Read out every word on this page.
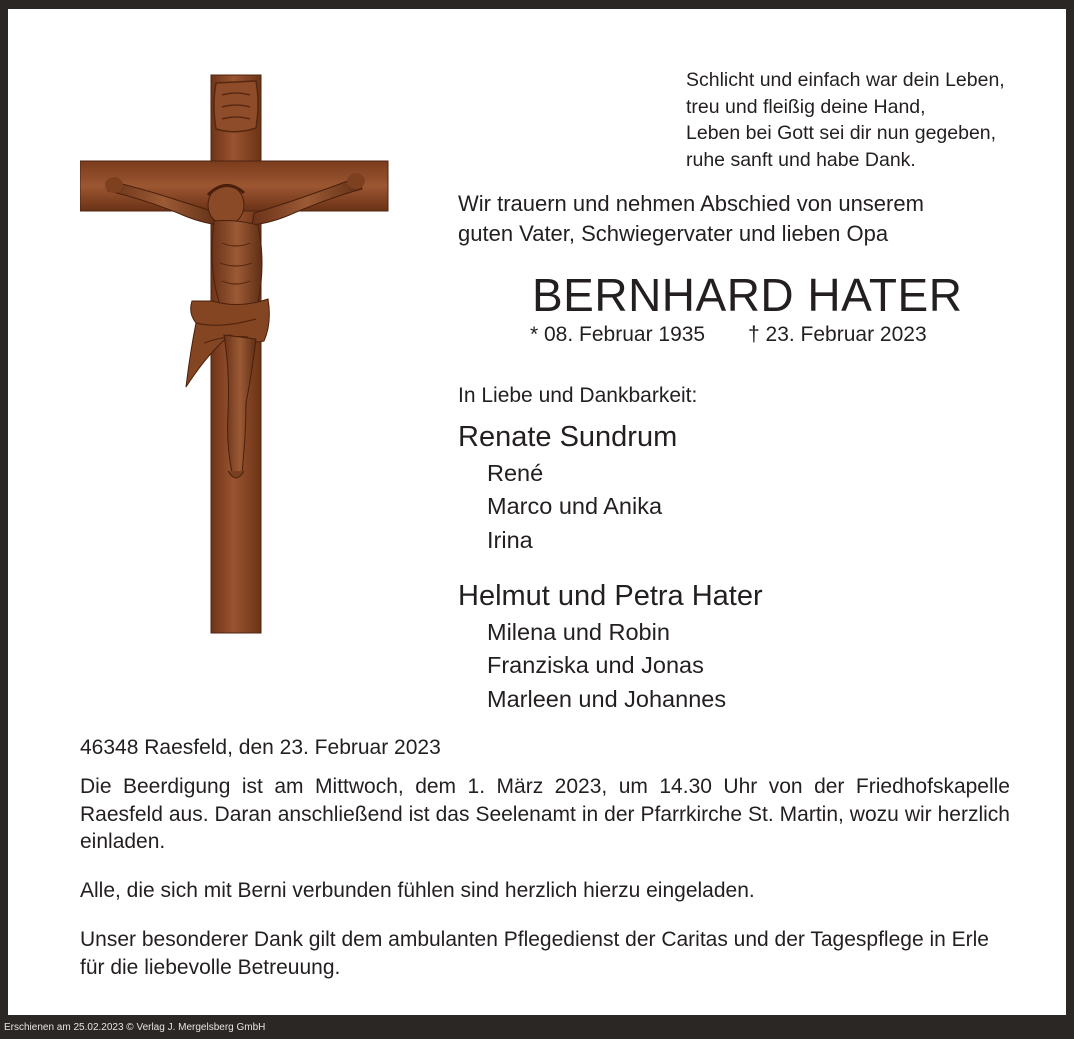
Schlicht und einfach war dein Leben,
treu und fleißig deine Hand,
Leben bei Gott sei dir nun gegeben,
ruhe sanft und habe Dank.
Wir trauern und nehmen Abschied von unserem
guten Vater, Schwiegervater und lieben Opa
BERNHARD HATER
* 08. Februar 1935 † 23. Februar 2023
In Liebe und Dankbarkeit:
Renate Sundrum
René
Marco und Anika
Irina
Helmut und Petra Hater
Milena und Robin
Franziska und Jonas
Marleen und Johannes
46348 Raesfeld, den 23. Februar 2023
Die Beerdigung ist am Mittwoch, dem 1. März 2023, um 14.30 Uhr von der Friedhofskapelle Raesfeld aus. Daran anschließend ist das Seelenamt in der Pfarrkirche St. Martin, wozu wir herzlich einladen.
Alle, die sich mit Berni verbunden fühlen sind herzlich hierzu eingeladen.
Unser besonderer Dank gilt dem ambulanten Pflegedienst der Caritas und der Tagespflege in Erle für die liebevolle Betreuung.
Erschienen am 25.02.2023 © Verlag J. Mergelsberg GmbH
